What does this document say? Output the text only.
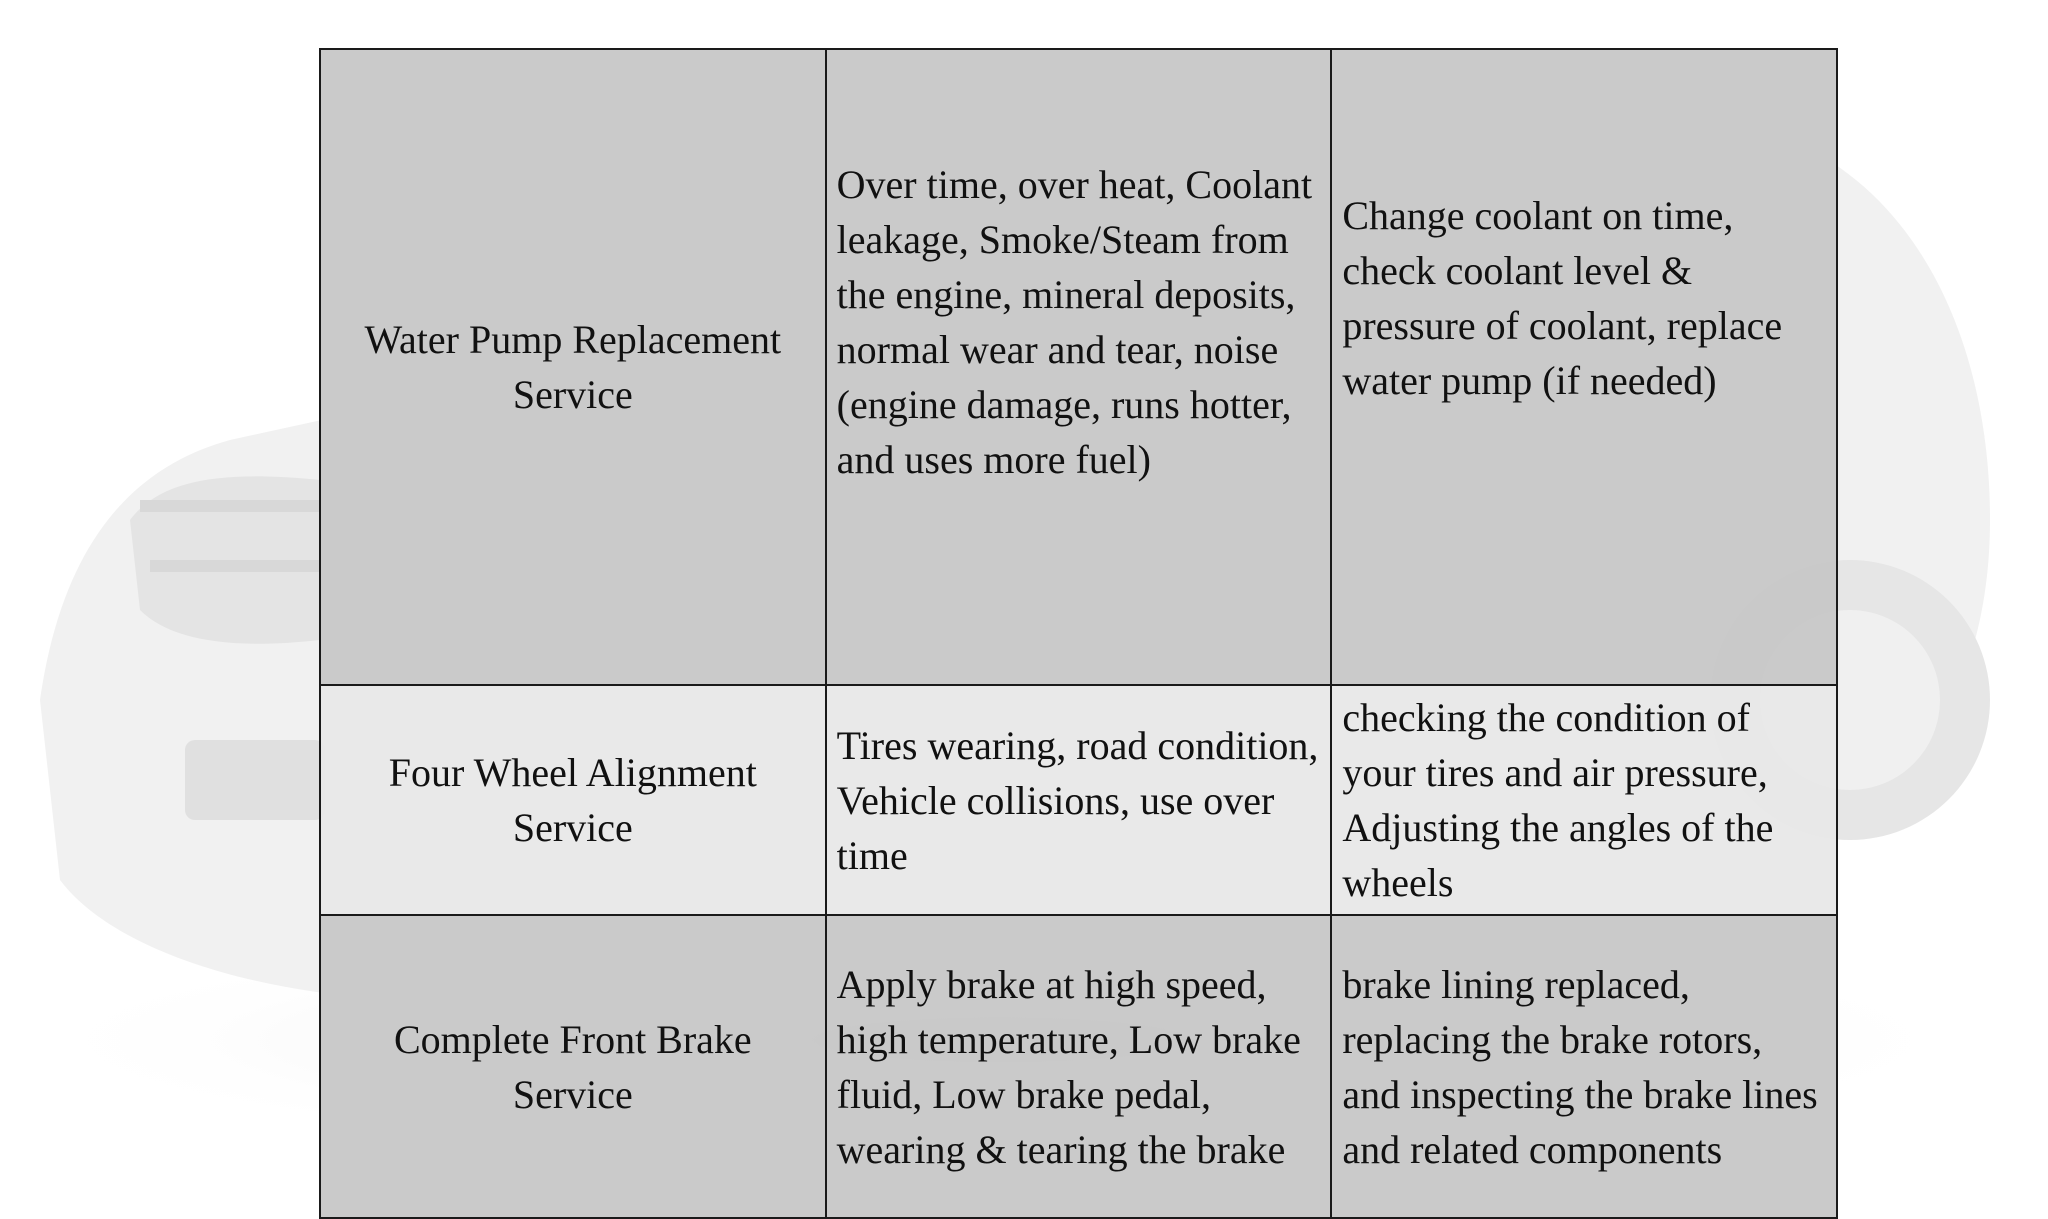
Water Pump Replacement Service	Over time, over heat, Coolant leakage, Smoke/Steam from the engine, mineral deposits, normal wear and tear, noise (engine damage, runs hotter, and uses more fuel)	Change coolant on time, check coolant level & pressure of coolant, replace water pump (if needed)

Four Wheel Alignment Service	Tires wearing, road condition, Vehicle collisions, use over time	checking the condition of your tires and air pressure, Adjusting the angles of the wheels

Complete Front Brake Service	Apply brake at high speed, high temperature, Low brake fluid, Low brake pedal, wearing & tearing the brake	brake lining replaced, replacing the brake rotors, and inspecting the brake lines and related components
